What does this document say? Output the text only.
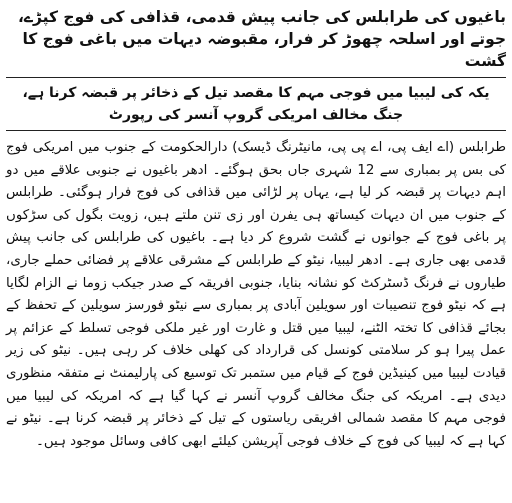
باغیوں کی طرابلس کی جانب پیش قدمی، قذافی کی فوج کپڑے، جوتے اور اسلحہ چھوڑ کر فرار، مقبوضہ دیہات میں باغی فوج کا گشت
یکہ کی لیبیا میں فوجی مہم کا مقصد تیل کے ذخائر پر قبضہ کرنا ہے، جنگ مخالف امریکی گروپ آنسر کی رپورٹ

طرابلس (اے ایف پی، اے پی پی، مانیٹرنگ ڈیسک) دارالحکومت کے جنوب میں امریکی فوج کی بس پر بمباری سے 12 شہری جاں بحق ہوگئے۔ ادھر باغیوں نے جنوبی علاقے میں دو اہم دیہات پر قبضہ کر لیا ہے، یہاں پر لڑائی میں قذافی کی فوج فرار ہوگئی۔ طرابلس کے جنوب میں ان دیہات کیساتھ ہی یفرن اور زی تنن ملتے ہیں، زویت بگول کی سڑکوں پر باغی فوج کے جوانوں نے گشت شروع کر دیا ہے۔ باغیوں کی طرابلس کی جانب پیش قدمی بھی جاری ہے۔ ادھر لیبیا، نیٹو کے طرابلس کے مشرقی علاقے پر فضائی حملے جاری، طیاروں نے فرنگ ڈسٹرکٹ کو نشانہ بنایا، جنوبی افریقہ کے صدر جیکب زوما نے الزام لگایا ہے کہ نیٹو فوج تنصیبات اور سویلین آبادی پر بمباری سے نیٹو فورسز سویلین کے تحفظ کے بجائے قذافی کا تختہ الٹنے، لیبیا میں قتل و غارت اور غیر ملکی فوجی تسلط کے عزائم پر عمل پیرا ہو کر سلامتی کونسل کی قرارداد کی کھلی خلاف کر رہی ہیں۔ نیٹو کی زیر قیادت لیبیا میں کینیڈین فوج کے قیام میں ستمبر تک توسیع کی پارلیمنٹ نے متفقہ منظوری دیدی ہے۔ امریکہ کی جنگ مخالف گروپ آنسر نے کہا گیا ہے کہ امریکہ کی لیبیا میں فوجی مہم کا مقصد شمالی افریقی ریاستوں کے تیل کے ذخائر پر قبضہ کرنا ہے۔ نیٹو نے کہا ہے کہ لیبیا کی فوج کے خلاف فوجی آپریشن کیلئے ابھی کافی وسائل موجود ہیں۔
